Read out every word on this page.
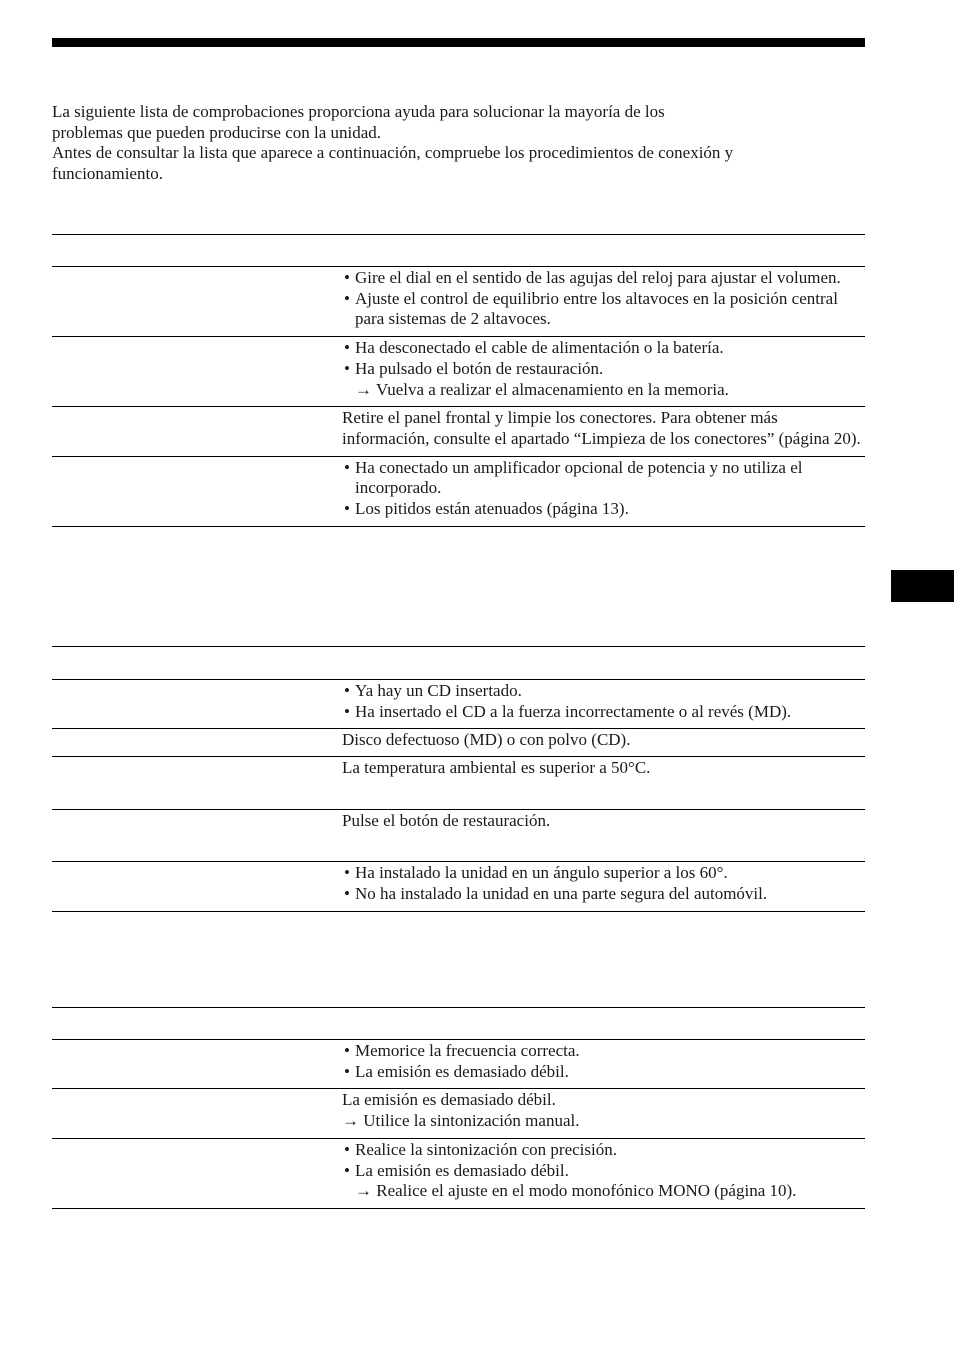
La siguiente lista de comprobaciones proporciona ayuda para solucionar la mayoría de los

problemas que pueden producirse con la unidad.

Antes de consultar la lista que aparece a continuación, compruebe los procedimientos de conexión y

funcionamiento.

• Gire el dial en el sentido de las agujas del reloj para ajustar el volumen.
• Ajuste el control de equilibrio entre los altavoces en la posición central para sistemas de 2 altavoces.
• Ha desconectado el cable de alimentación o la batería.
• Ha pulsado el botón de restauración.
→ Vuelva a realizar el almacenamiento en la memoria.
Retire el panel frontal y limpie los conectores. Para obtener más información, consulte el apartado “Limpieza de los conectores” (página 20).
• Ha conectado un amplificador opcional de potencia y no utiliza el incorporado.
• Los pitidos están atenuados (página 13).
• Ya hay un CD insertado.
• Ha insertado el CD a la fuerza incorrectamente o al revés (MD).
Disco defectuoso (MD) o con polvo (CD).
La temperatura ambiental es superior a 50°C.
Pulse el botón de restauración.
• Ha instalado la unidad en un ángulo superior a los 60°.
• No ha instalado la unidad en una parte segura del automóvil.
• Memorice la frecuencia correcta.
• La emisión es demasiado débil.
La emisión es demasiado débil.
→ Utilice la sintonización manual.
• Realice la sintonización con precisión.
• La emisión es demasiado débil.
→ Realice el ajuste en el modo monofónico MONO (página 10).
